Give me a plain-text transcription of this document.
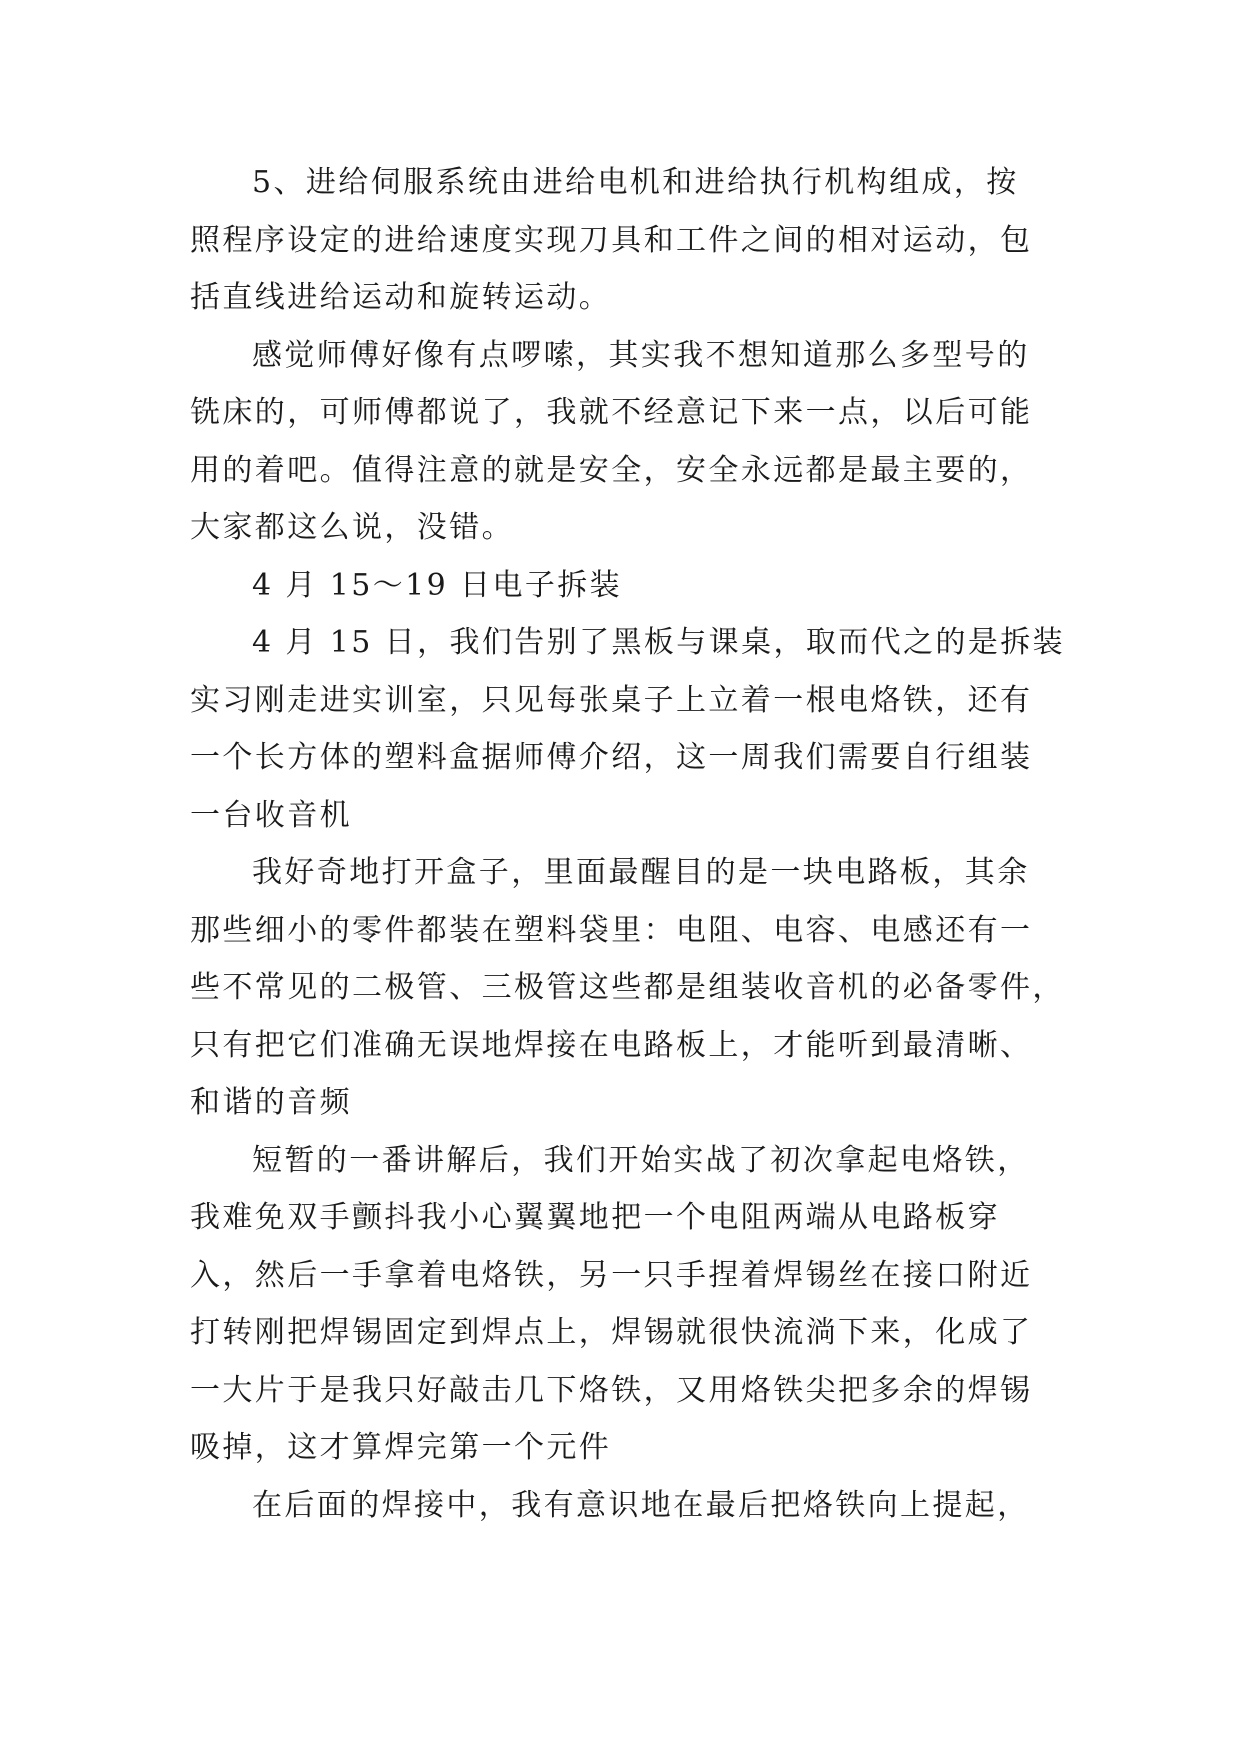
5、进给伺服系统由进给电机和进给执行机构组成，按
照程序设定的进给速度实现刀具和工件之间的相对运动，包
括直线进给运动和旋转运动。

感觉师傅好像有点啰嗦，其实我不想知道那么多型号的
铣床的，可师傅都说了，我就不经意记下来一点，以后可能
用的着吧。值得注意的就是安全，安全永远都是最主要的，
大家都这么说，没错。

4 月 15～19 日电子拆装

4 月 15 日，我们告别了黑板与课桌，取而代之的是拆装
实习刚走进实训室，只见每张桌子上立着一根电烙铁，还有
一个长方体的塑料盒据师傅介绍，这一周我们需要自行组装
一台收音机

我好奇地打开盒子，里面最醒目的是一块电路板，其余
那些细小的零件都装在塑料袋里：电阻、电容、电感还有一
些不常见的二极管、三极管这些都是组装收音机的必备零件，
只有把它们准确无误地焊接在电路板上，才能听到最清晰、
和谐的音频

短暂的一番讲解后，我们开始实战了初次拿起电烙铁，
我难免双手颤抖我小心翼翼地把一个电阻两端从电路板穿
入，然后一手拿着电烙铁，另一只手捏着焊锡丝在接口附近
打转刚把焊锡固定到焊点上，焊锡就很快流淌下来，化成了
一大片于是我只好敲击几下烙铁，又用烙铁尖把多余的焊锡
吸掉，这才算焊完第一个元件

在后面的焊接中，我有意识地在最后把烙铁向上提起，
